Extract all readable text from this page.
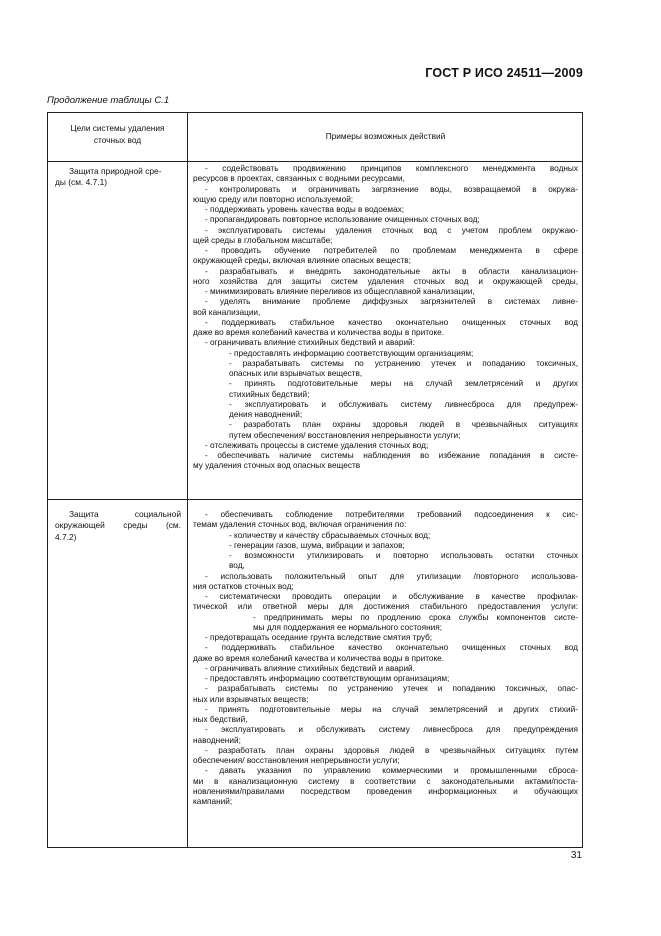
ГОСТ Р ИСО 24511—2009
Продолжение таблицы С.1
Цели системы удаления
сточных вод	Примеры возможных действий
Защита природной сре-
ды (см. 4.7.1)
- содействовать продвижению принципов комплексного менеджмента водных
ресурсов в проектах, связанных с водными ресурсами,
- контролировать и ограничивать загрязнение воды, возвращаемой в окружа-
ющую среду или повторно используемой;
- поддерживать уровень качества воды в водоемах;
- пропагандировать повторное использование очищенных сточных вод;
- эксплуатировать системы удаления сточных вод с учетом проблем окружаю-
щей среды в глобальном масштабе;
- проводить обучение потребителей по проблемам менеджмента в сфере
окружающей среды, включая влияние опасных веществ;
- разрабатывать и внедрять законодательные акты в области канализацион-
ного хозяйства для защиты систем удаления сточных вод и окружающей среды,
- минимизировать влияние переливов из общесплавной канализации,
- уделять внимание проблеме диффузных загрязнителей в системах ливне-
вой канализации,
- поддерживать стабильное качество окончательно очищенных сточных вод
даже во время колебаний качества и количества воды в притоке.
- ограничивать влияние стихийных бедствий и аварий:
- предоставлять информацию соответствующим организациям;
- разрабатывать системы по устранению утечек и попаданию токсичных,
опасных или взрывчатых веществ,
- принять подготовительные меры на случай землетрясений и других
стихийных бедствий;
- эксплуатировать и обслуживать систему ливнесброса для предупреж-
дения наводнений;
- разработать план охраны здоровья людей в чрезвычайных ситуациях
путем обеспечения/ восстановления непрерывности услуги;
- отслеживать процессы в системе удаления сточных вод;
- обеспечивать наличие системы наблюдения во избежание попадания в систе-
му удаления сточных вод опасных веществ
Защита социальной
окружающей среды (см.
4.7.2)
- обеспечивать соблюдение потребителями требований подсоединения к сис-
темам удаления сточных вод, включая ограничения по:
- количеству и качеству сбрасываемых сточных вод;
- генерации газов, шума, вибрации и запахов;
- возможности утилизировать и повторно использовать остатки сточных
вод,
- использовать положительный опыт для утилизации /повторного использова-
ния остатков сточных вод;
- систематически проводить операции и обслуживание в качестве профилак-
тической или ответной меры для достижения стабильного предоставления услуги:
- предпринимать меры по продлению срока службы компонентов систе-
мы для поддержания ее нормального состояния;
- предотвращать оседание грунта вследствие смятия труб;
- поддерживать стабильное качество окончательно очищенных сточных вод
даже во время колебаний качества и количества воды в притоке.
- ограничивать влияние стихийных бедствий и аварий.
- предоставлять информацию соответствующим организациям;
- разрабатывать системы по устранению утечек и попаданию токсичных, опас-
ных или взрывчатых веществ;
- принять подготовительные меры на случай землетрясений и других стихий-
ных бедствий,
- эксплуатировать и обслуживать систему ливнесброса для предупреждения
наводнений;
- разработать план охраны здоровья людей в чрезвычайных ситуациях путем
обеспечения/ восстановления непрерывности услуги;
- давать указания по управлению коммерческими и промышленными сброса-
ми в канализационную систему в соответствии с законодательными актами/поста-
новлениями/правилами посредством проведения информационных и обучающих
кампаний;
31
